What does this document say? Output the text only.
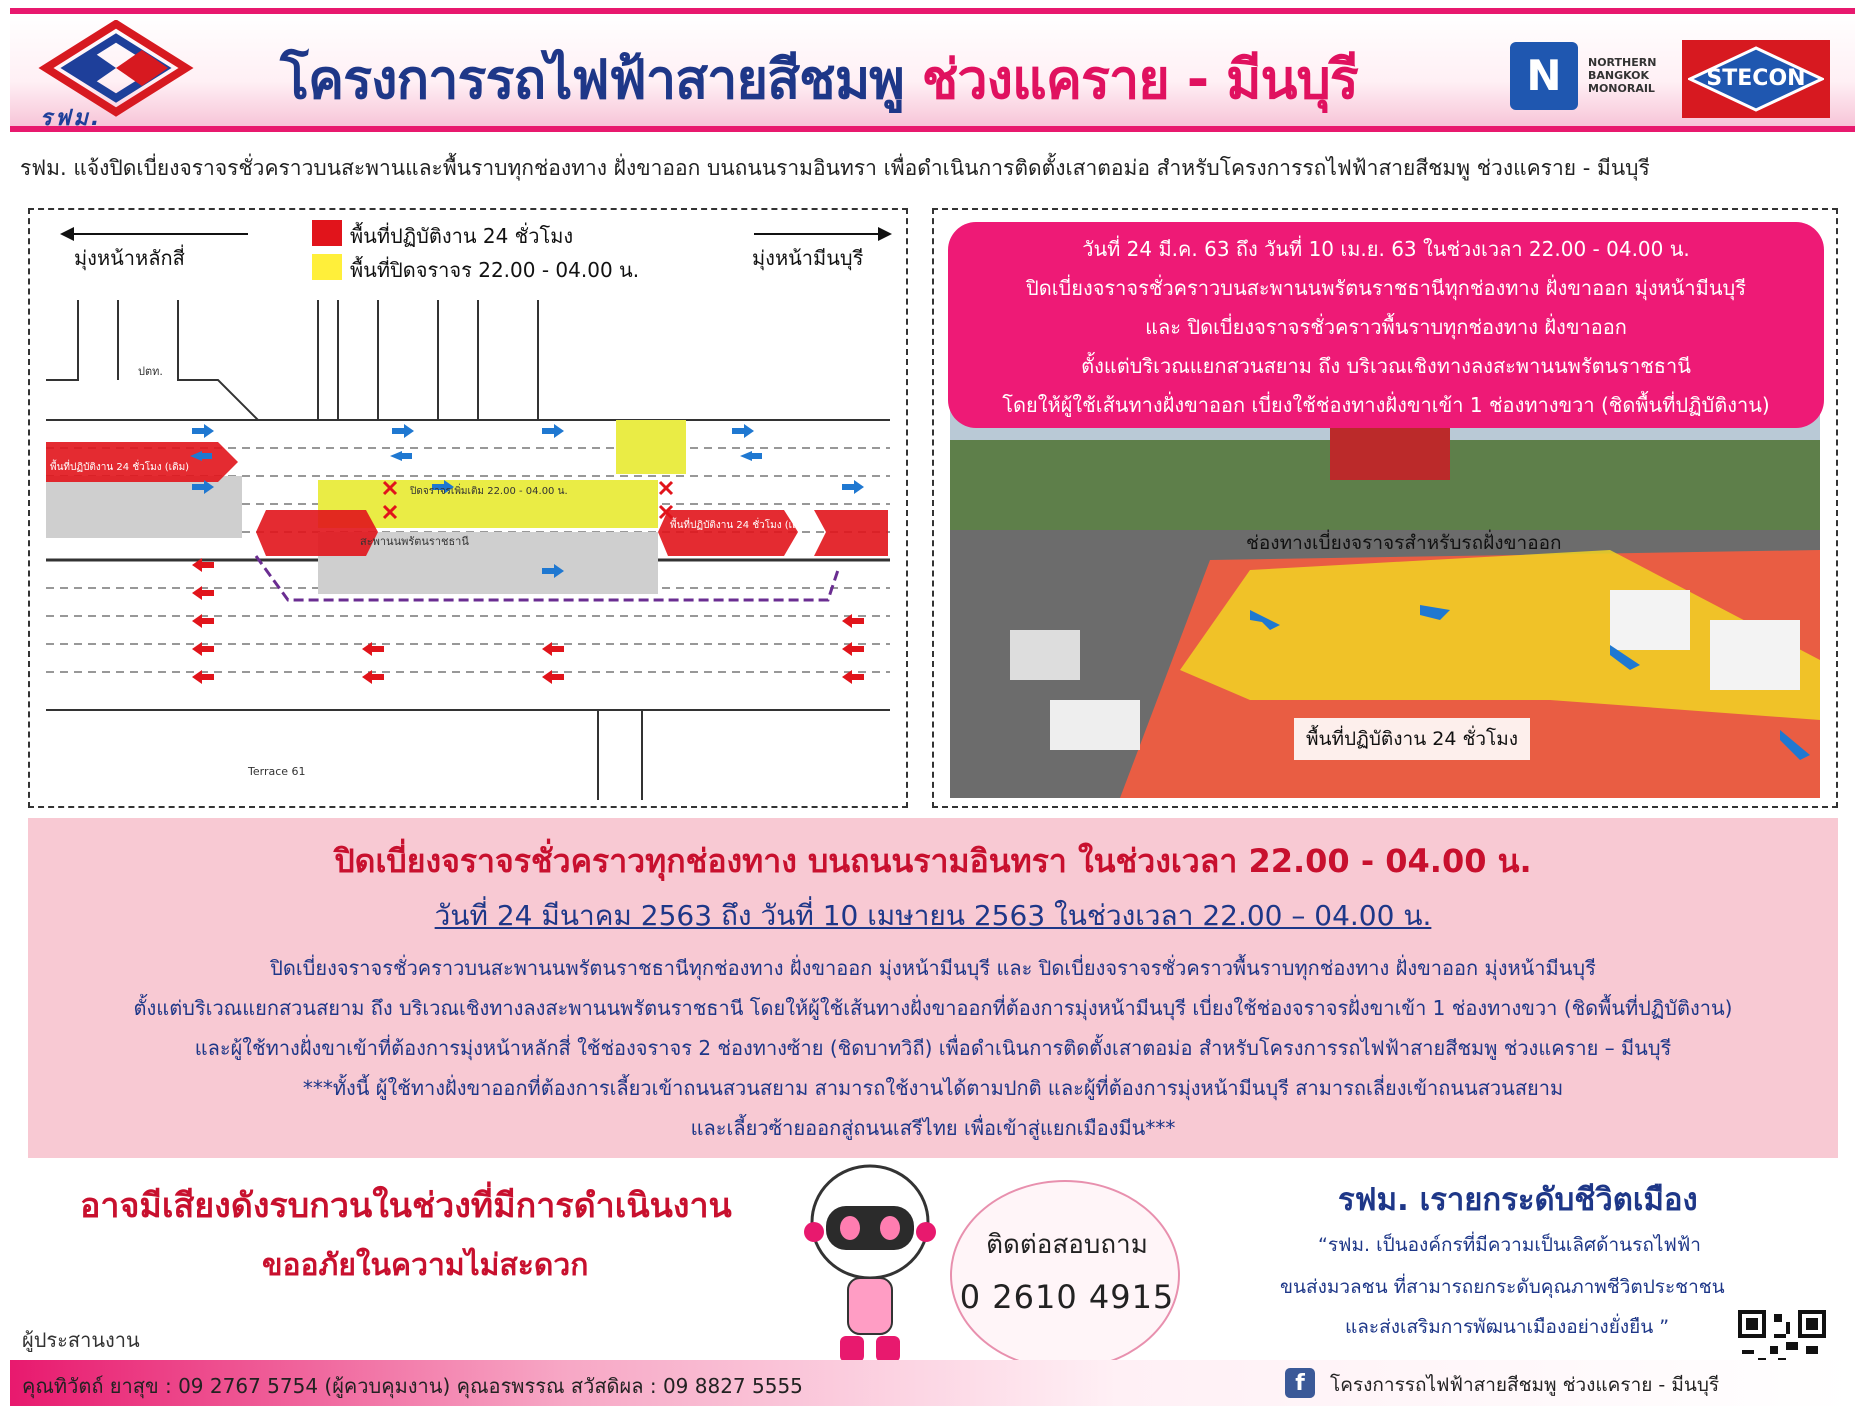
รฟม.
โครงการรถไฟฟ้าสายสีชมพู ช่วงแคราย - มีนบุรี	N	NORTHERN
BANGKOK
MONORAIL	STECON
รฟม. แจ้งปิดเบี่ยงจราจรชั่วคราวบนสะพานและพื้นราบทุกช่องทาง ฝั่งขาออก บนถนนรามอินทรา เพื่อดำเนินการติดตั้งเสาตอม่อ สำหรับโครงการรถไฟฟ้าสายสีชมพู ช่วงแคราย - มีนบุรี
มุ่งหน้าหลักสี่	มุ่งหน้ามีนบุรี
พื้นที่ปฏิบัติงาน 24 ชั่วโมง
พื้นที่ปิดจราจร 22.00 - 04.00 น.
ปตท.
Terrace 61
สะพานนพรัตนราชธานี
ปิดจราจรเพิ่มเติม 22.00 - 04.00 น.
พื้นที่ปฏิบัติงาน 24 ชั่วโมง (เดิม)
พื้นที่ปฏิบัติงาน 24 ชั่วโมง (เดิม)
วันที่ 24 มี.ค. 63 ถึง วันที่ 10 เม.ย. 63 ในช่วงเวลา 22.00 - 04.00 น.
ปิดเบี่ยงจราจรชั่วคราวบนสะพานนพรัตนราชธานีทุกช่องทาง ฝั่งขาออก มุ่งหน้ามีนบุรี
และ ปิดเบี่ยงจราจรชั่วคราวพื้นราบทุกช่องทาง ฝั่งขาออก
ตั้งแต่บริเวณแยกสวนสยาม ถึง บริเวณเชิงทางลงสะพานนพรัตนราชธานี
โดยให้ผู้ใช้เส้นทางฝั่งขาออก เบี่ยงใช้ช่องทางฝั่งขาเข้า 1 ช่องทางขวา (ชิดพื้นที่ปฏิบัติงาน)
ช่องทางเบี่ยงจราจรสำหรับรถฝั่งขาออก
พื้นที่ปฏิบัติงาน 24 ชั่วโมง
ปิดเบี่ยงจราจรชั่วคราวทุกช่องทาง บนถนนรามอินทรา ในช่วงเวลา 22.00 - 04.00 น.
วันที่ 24 มีนาคม 2563 ถึง วันที่ 10 เมษายน 2563 ในช่วงเวลา 22.00 – 04.00 น.
ปิดเบี่ยงจราจรชั่วคราวบนสะพานนพรัตนราชธานีทุกช่องทาง ฝั่งขาออก มุ่งหน้ามีนบุรี และ ปิดเบี่ยงจราจรชั่วคราวพื้นราบทุกช่องทาง ฝั่งขาออก มุ่งหน้ามีนบุรี
ตั้งแต่บริเวณแยกสวนสยาม ถึง บริเวณเชิงทางลงสะพานนพรัตนราชธานี โดยให้ผู้ใช้เส้นทางฝั่งขาออกที่ต้องการมุ่งหน้ามีนบุรี เบี่ยงใช้ช่องจราจรฝั่งขาเข้า 1 ช่องทางขวา (ชิดพื้นที่ปฏิบัติงาน)
และผู้ใช้ทางฝั่งขาเข้าที่ต้องการมุ่งหน้าหลักสี่ ใช้ช่องจราจร 2 ช่องทางซ้าย (ชิดบาทวิถี) เพื่อดำเนินการติดตั้งเสาตอม่อ สำหรับโครงการรถไฟฟ้าสายสีชมพู ช่วงแคราย – มีนบุรี
***ทั้งนี้ ผู้ใช้ทางฝั่งขาออกที่ต้องการเลี้ยวเข้าถนนสวนสยาม สามารถใช้งานได้ตามปกติ และผู้ที่ต้องการมุ่งหน้ามีนบุรี สามารถเลี่ยงเข้าถนนสวนสยาม
และเลี้ยวซ้ายออกสู่ถนนเสรีไทย เพื่อเข้าสู่แยกเมืองมีน***
อาจมีเสียงดังรบกวนในช่วงที่มีการดำเนินงาน
ขออภัยในความไม่สะดวก
ติดต่อสอบถาม
0 2610 4915
รฟม. เรายกระดับชีวิตเมือง
“รฟม. เป็นองค์กรที่มีความเป็นเลิศด้านรถไฟฟ้า
ขนส่งมวลชน ที่สามารถยกระดับคุณภาพชีวิตประชาชน
และส่งเสริมการพัฒนาเมืองอย่างยั่งยืน ”
ผู้ประสานงาน
คุณทิวัตถ์ ยาสุข : 09 2767 5754 (ผู้ควบคุมงาน) คุณอรพรรณ สวัสดิผล : 09 8827 5555	f	โครงการรถไฟฟ้าสายสีชมพู ช่วงแคราย - มีนบุรี
